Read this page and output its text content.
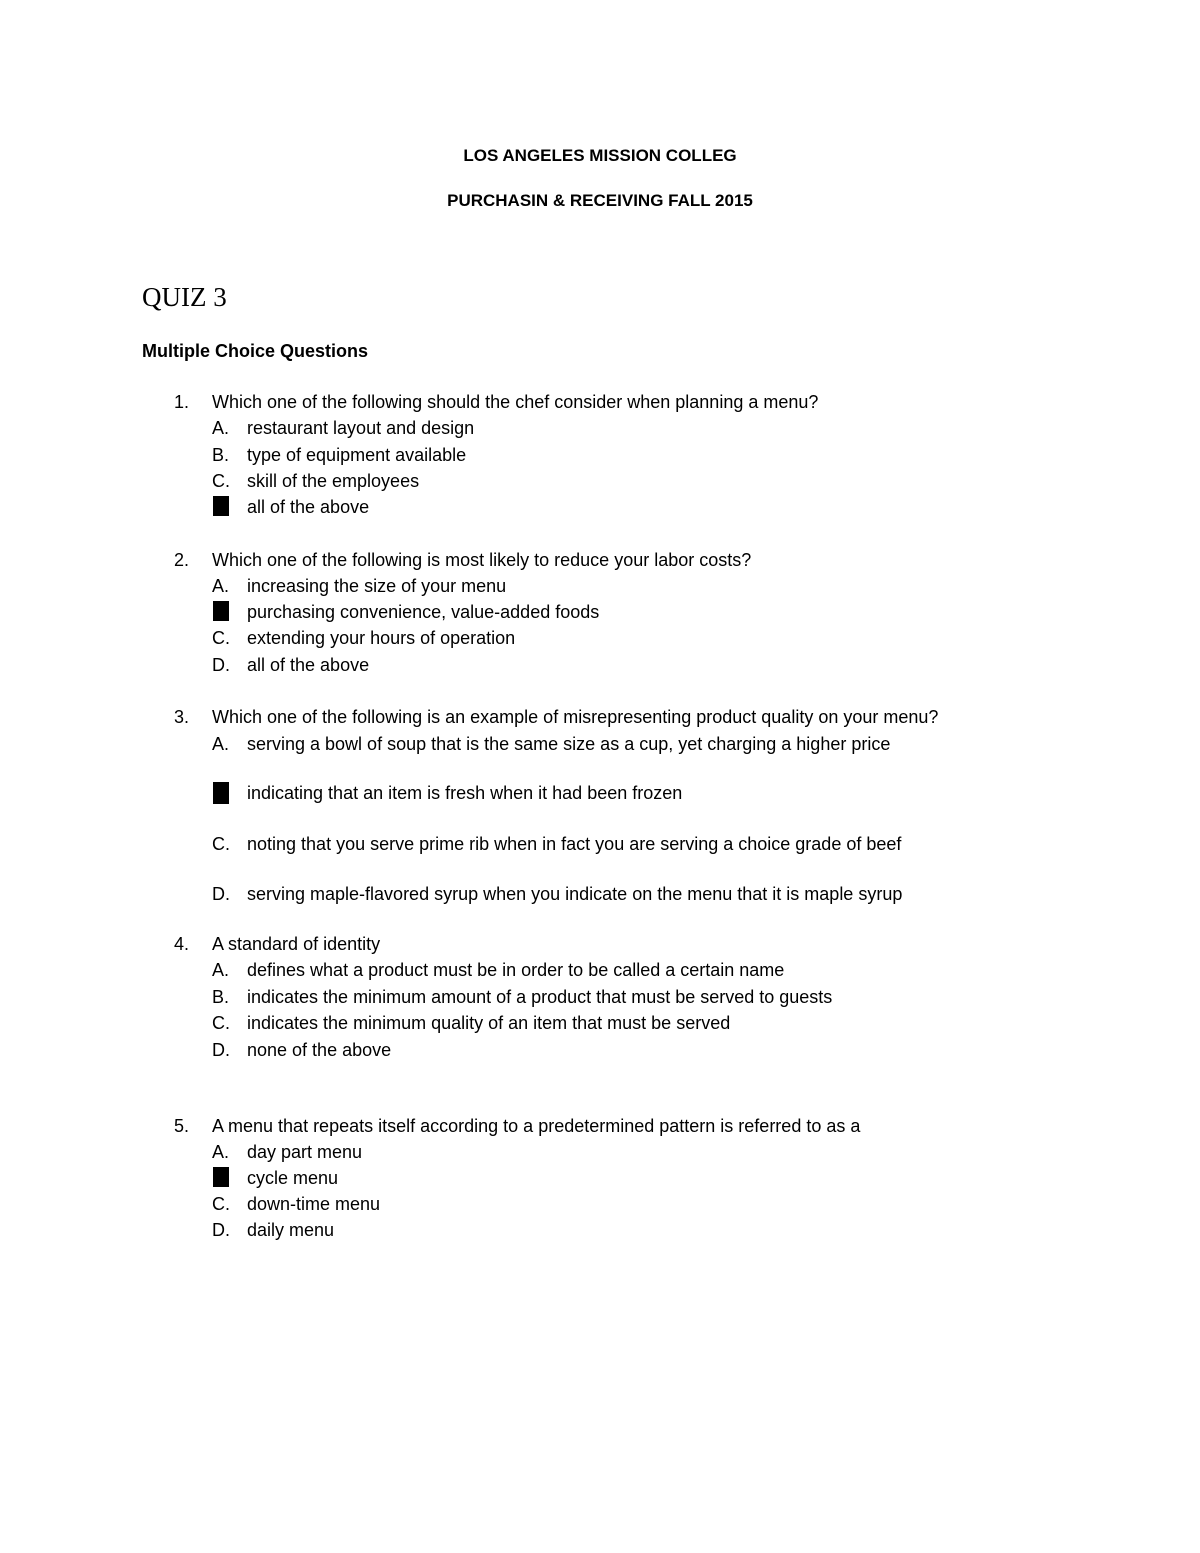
LOS ANGELES MISSION COLLEG
PURCHASIN & RECEIVING FALL 2015
QUIZ 3
Multiple Choice Questions
1. Which one of the following should the chef consider when planning a menu?
A. restaurant layout and design
B. type of equipment available
C. skill of the employees
all of the above
2. Which one of the following is most likely to reduce your labor costs?
A. increasing the size of your menu
purchasing convenience, value-added foods
C. extending your hours of operation
D. all of the above
3. Which one of the following is an example of misrepresenting product quality on your menu?
A. serving a bowl of soup that is the same size as a cup, yet charging a higher price
indicating that an item is fresh when it had been frozen
C. noting that you serve prime rib when in fact you are serving a choice grade of beef
D. serving maple-flavored syrup when you indicate on the menu that it is maple syrup
4. A standard of identity
A. defines what a product must be in order to be called a certain name
B. indicates the minimum amount of a product that must be served to guests
C. indicates the minimum quality of an item that must be served
D. none of the above
5. A menu that repeats itself according to a predetermined pattern is referred to as a
A. day part menu
cycle menu
C. down-time menu
D. daily menu
